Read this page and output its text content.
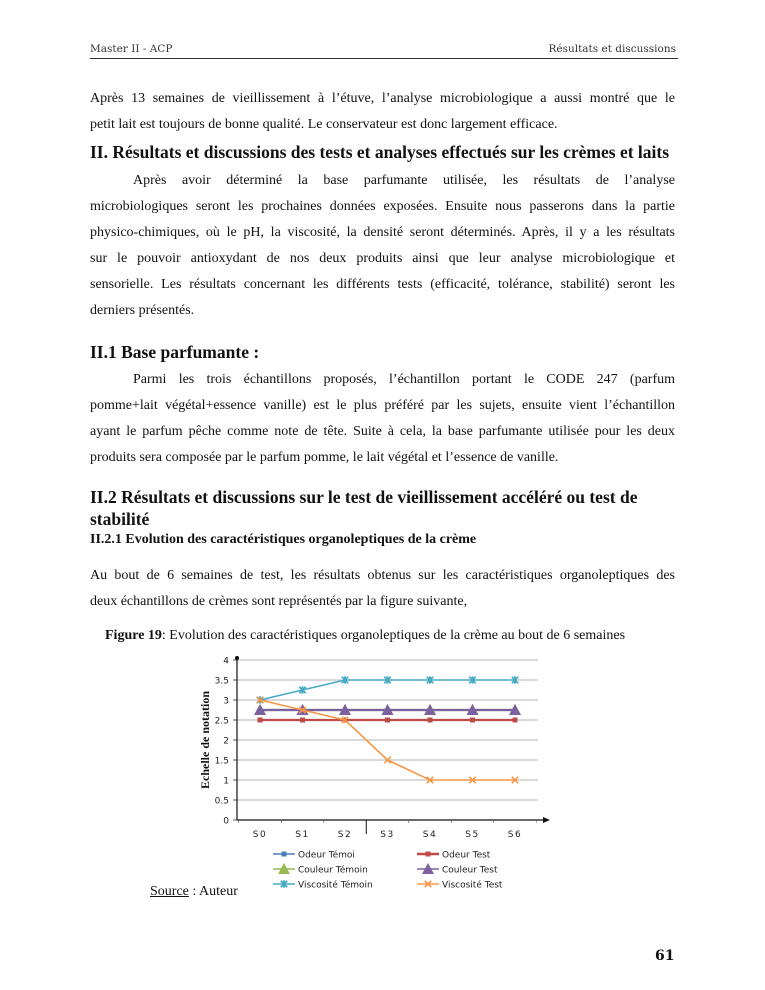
Master II - ACP	Résultats et discussions
Après 13 semaines de vieillissement à l’étuve, l’analyse microbiologique a aussi montré que le
petit lait est toujours de bonne qualité. Le conservateur est donc largement efficace.
II. Résultats et discussions des tests et analyses effectués sur les crèmes et laits
Après avoir déterminé la base parfumante utilisée, les résultats de l’analyse
microbiologiques seront les prochaines données exposées. Ensuite nous passerons dans la partie
physico-chimiques, où le pH, la viscosité, la densité seront déterminés. Après, il y a les résultats
sur le pouvoir antioxydant de nos deux produits ainsi que leur analyse microbiologique et
sensorielle. Les résultats concernant les différents tests (efficacité, tolérance, stabilité) seront les
derniers présentés.
II.1 Base parfumante :
Parmi les trois échantillons proposés, l’échantillon portant le CODE 247 (parfum
pomme+lait végétal+essence vanille) est le plus préféré par les sujets, ensuite vient l’échantillon
ayant le parfum pêche comme note de tête. Suite à cela, la base parfumante utilisée pour les deux
produits sera composée par le parfum pomme, le lait végétal et l’essence de vanille.
II.2 Résultats et discussions sur le test de vieillissement accéléré ou test de
stabilité
II.2.1 Evolution des caractéristiques organoleptiques de la crème
Au bout de 6 semaines de test, les résultats obtenus sur les caractéristiques organoleptiques des
deux échantillons de crèmes sont représentés par la figure suivante,
Figure 19: Evolution des caractéristiques organoleptiques de la crème au bout de 6 semaines
Echelle de notation
0
0.5
1
1.5
2
2.5
3
3.5
4
S0	S1	S2	S3	S4	S5	S6
Odeur Témoi	Odeur Test
Couleur Témoin	Couleur Test
Viscosité Témoin	Viscosité Test
Source : Auteur
61
